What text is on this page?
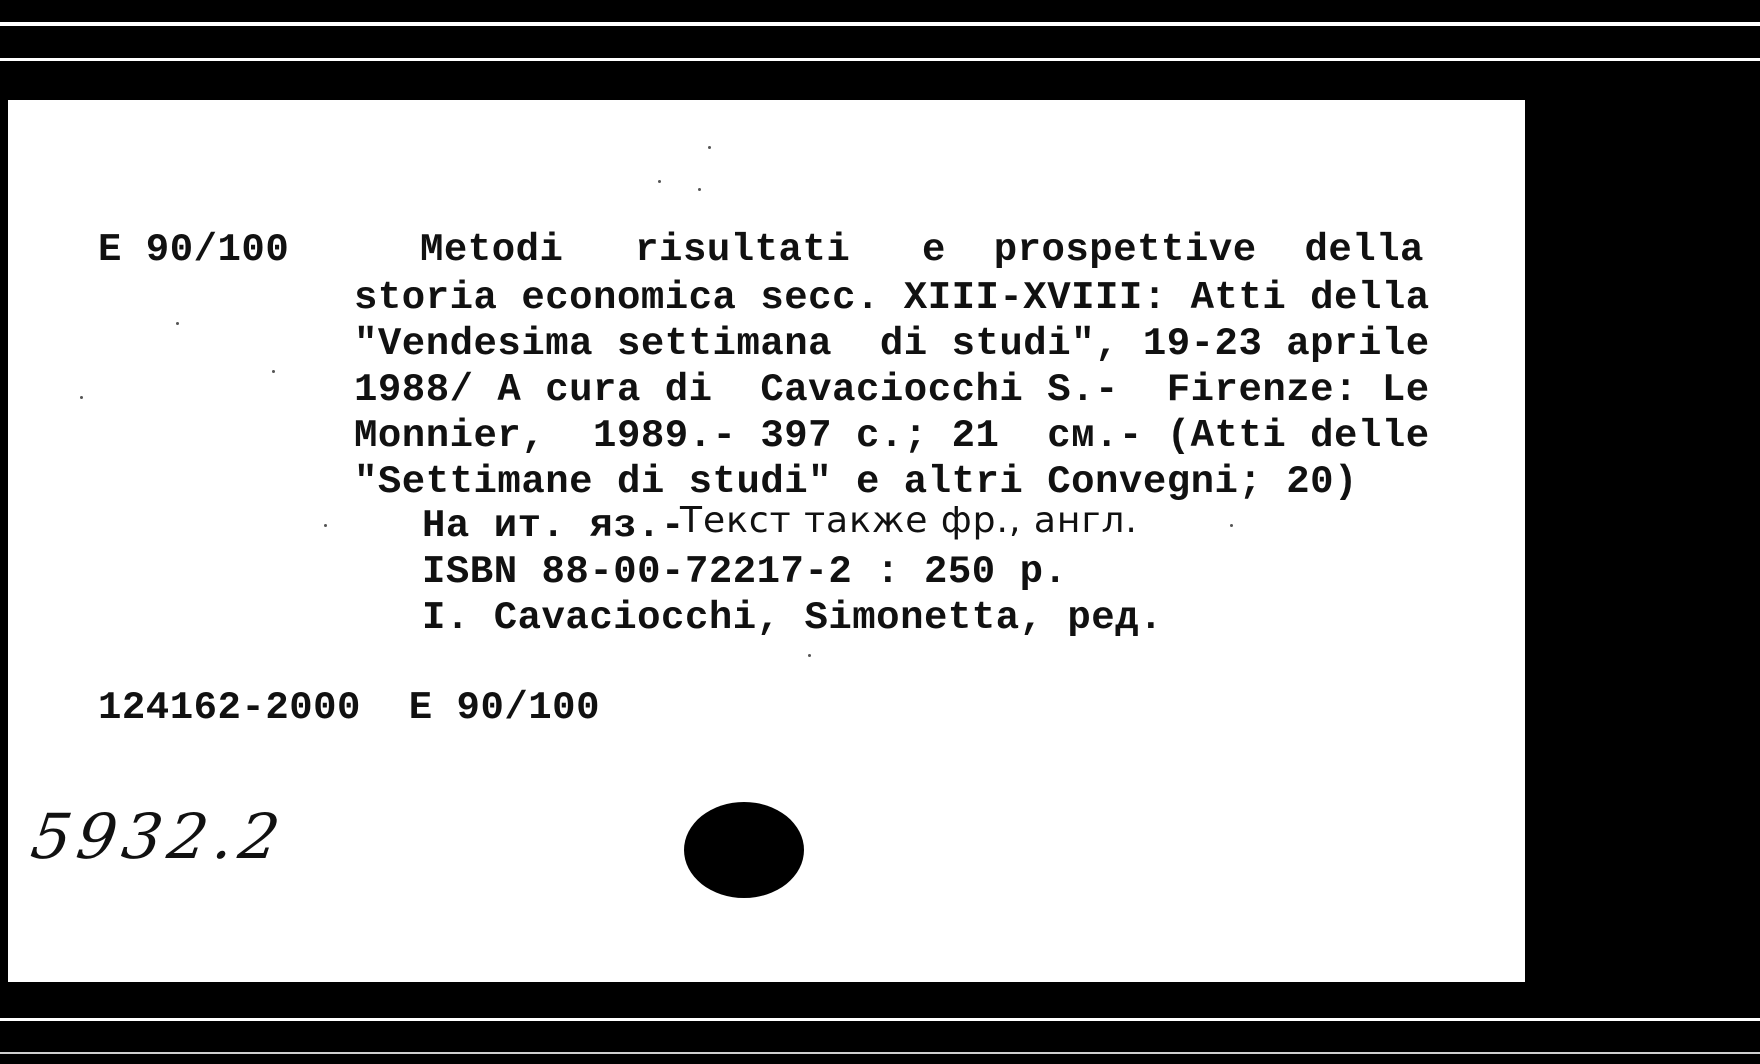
E 90/100	Metodi   risultati   e  prospettive  della
storia economica secc. XIII-XVIII: Atti della
"Vendesima settimana  di studi", 19-23 aprile
1988/ A cura di  Cavaciocchi S.-  Firenze: Le
Monnier,  1989.- 397 c.; 21  см.- (Atti delle
"Settimane di studi" e altri Convegni; 20)
На ит. яз.-
Текст также фр., англ.
ISBN 88-00-72217-2 : 250 р.
I. Cavaciocchi, Simonetta, ред.
124162-2000  E 90/100
5932.2
